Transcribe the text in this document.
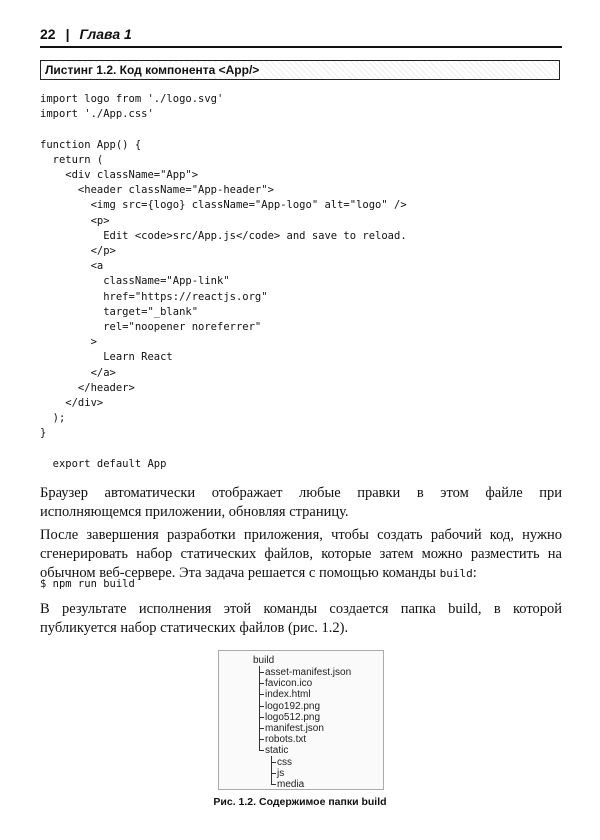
22 | Глава 1
Листинг 1.2. Код компонента <App/>
import logo from './logo.svg'
import './App.css'

function App() {
return (
<div className="App">
<header className="App-header">
<img src={logo} className="App-logo" alt="logo" />
<p>
Edit <code>src/App.js</code> and save to reload.
</p>
<a
className="App-link"
href="https://reactjs.org"
target="_blank"
rel="noopener noreferrer"
>
Learn React
</a>
</header>
</div>
);
}

export default App

Браузер автоматически отображает любые правки в этом файле при исполняющемся приложении, обновляя страницу.

После завершения разработки приложения, чтобы создать рабочий код, нужно сгенерировать набор статических файлов, которые затем можно разместить на обычном веб-сервере. Эта задача решается с помощью команды build:

$ npm run build

В результате исполнения этой команды создается папка build, в которой публикуется набор статических файлов (рис. 1.2).

build
asset-manifest.json
favicon.ico
index.html
logo192.png
logo512.png
manifest.json
robots.txt
static
css
js
media
Рис. 1.2. Содержимое папки build
